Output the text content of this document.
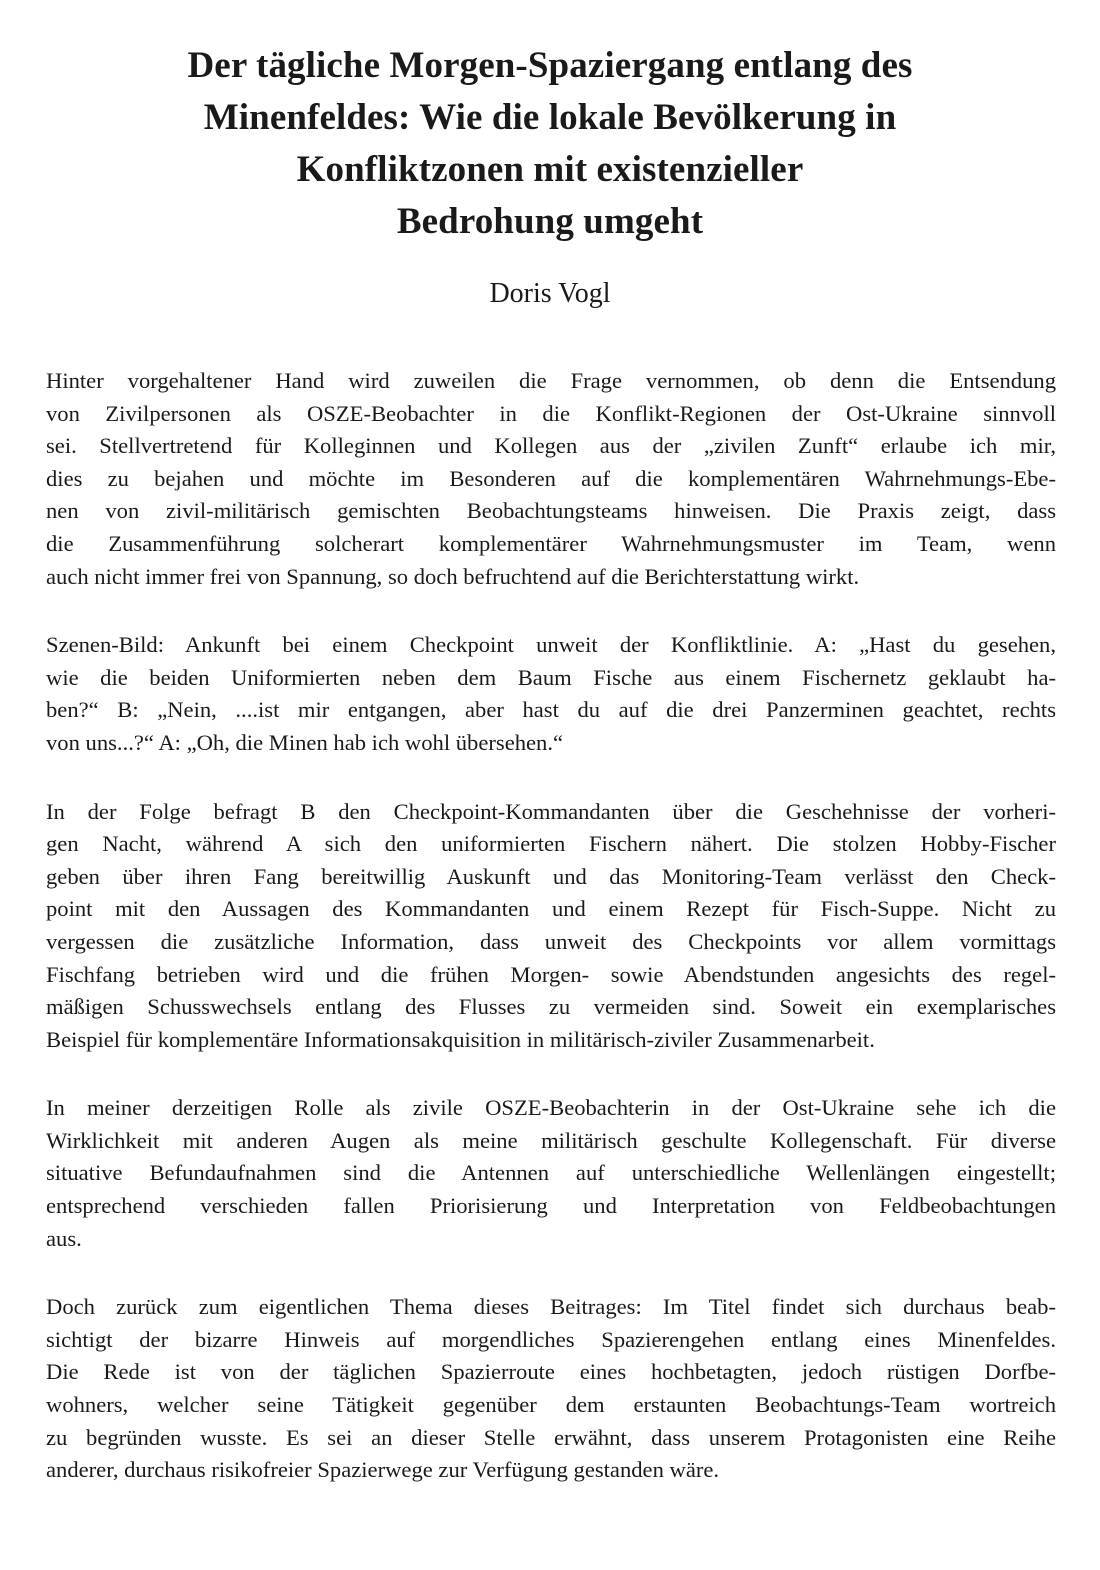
Der tägliche Morgen-Spaziergang entlang des
Minenfeldes: Wie die lokale Bevölkerung in
Konfliktzonen mit existenzieller
Bedrohung umgeht
Doris Vogl

Hinter vorgehaltener Hand wird zuweilen die Frage vernommen, ob denn die Entsendung
von Zivilpersonen als OSZE-Beobachter in die Konflikt-Regionen der Ost-Ukraine sinnvoll
sei. Stellvertretend für Kolleginnen und Kollegen aus der „zivilen Zunft“ erlaube ich mir,
dies zu bejahen und möchte im Besonderen auf die komplementären Wahrnehmungs-Ebe-
nen von zivil-militärisch gemischten Beobachtungsteams hinweisen. Die Praxis zeigt, dass
die Zusammenführung solcherart komplementärer Wahrnehmungsmuster im Team, wenn
auch nicht immer frei von Spannung, so doch befruchtend auf die Berichterstattung wirkt.

Szenen-Bild: Ankunft bei einem Checkpoint unweit der Konfliktlinie. A: „Hast du gesehen,
wie die beiden Uniformierten neben dem Baum Fische aus einem Fischernetz geklaubt ha-
ben?“ B: „Nein, ....ist mir entgangen, aber hast du auf die drei Panzerminen geachtet, rechts
von uns...?“ A: „Oh, die Minen hab ich wohl übersehen.“

In der Folge befragt B den Checkpoint-Kommandanten über die Geschehnisse der vorheri-
gen Nacht, während A sich den uniformierten Fischern nähert. Die stolzen Hobby-Fischer
geben über ihren Fang bereitwillig Auskunft und das Monitoring-Team verlässt den Check-
point mit den Aussagen des Kommandanten und einem Rezept für Fisch-Suppe. Nicht zu
vergessen die zusätzliche Information, dass unweit des Checkpoints vor allem vormittags
Fischfang betrieben wird und die frühen Morgen- sowie Abendstunden angesichts des regel-
mäßigen Schusswechsels entlang des Flusses zu vermeiden sind. Soweit ein exemplarisches
Beispiel für komplementäre Informationsakquisition in militärisch-ziviler Zusammenarbeit.

In meiner derzeitigen Rolle als zivile OSZE-Beobachterin in der Ost-Ukraine sehe ich die
Wirklichkeit mit anderen Augen als meine militärisch geschulte Kollegenschaft. Für diverse
situative Befundaufnahmen sind die Antennen auf unterschiedliche Wellenlängen eingestellt;
entsprechend verschieden fallen Priorisierung und Interpretation von Feldbeobachtungen
aus.

Doch zurück zum eigentlichen Thema dieses Beitrages: Im Titel findet sich durchaus beab-
sichtigt der bizarre Hinweis auf morgendliches Spazierengehen entlang eines Minenfeldes.
Die Rede ist von der täglichen Spazierroute eines hochbetagten, jedoch rüstigen Dorfbe-
wohners, welcher seine Tätigkeit gegenüber dem erstaunten Beobachtungs-Team wortreich
zu begründen wusste. Es sei an dieser Stelle erwähnt, dass unserem Protagonisten eine Reihe
anderer, durchaus risikofreier Spazierwege zur Verfügung gestanden wäre.
